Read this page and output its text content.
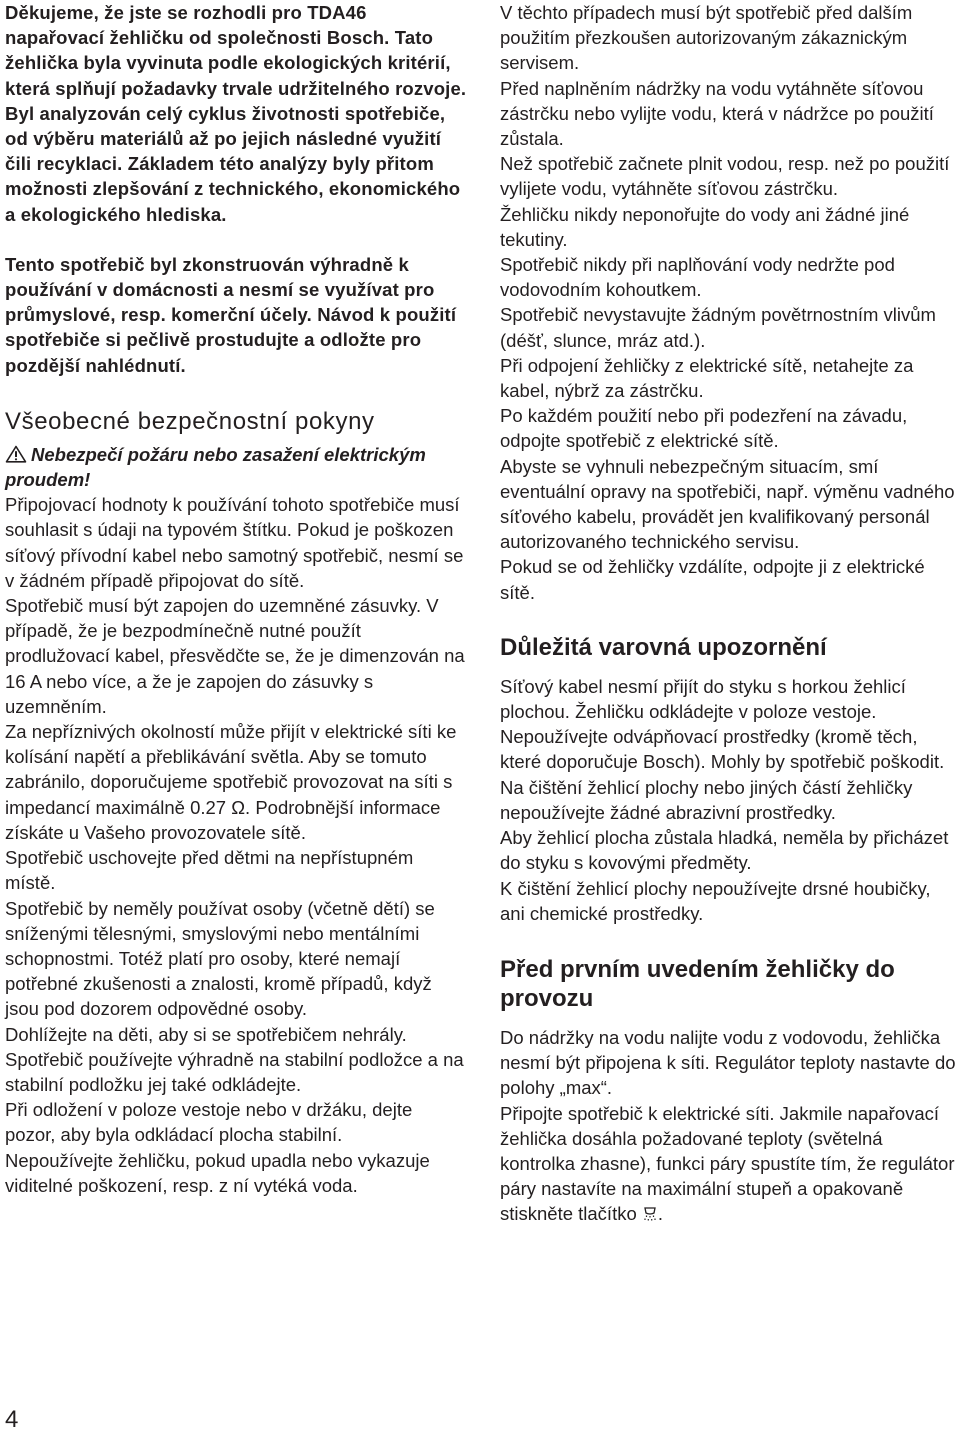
Děkujeme, že jste se rozhodli pro TDA46 napařovací žehličku od společnosti Bosch. Tato žehlička byla vyvinuta podle ekologických kritérií, která splňují požadavky trvale udržitelného rozvoje. Byl analyzován celý cyklus životnosti spotřebiče, od výběru materiálů až po jejich následné využití čili recyklaci. Základem této analýzy byly přitom možnosti zlepšování z technického, ekonomického a ekologického hlediska.

Tento spotřebič byl zkonstruován výhradně k používání v domácnosti a nesmí se využívat pro průmyslové, resp. komerční účely. Návod k použití spotřebiče si pečlivě prostudujte a odložte pro pozdější nahlédnutí.

Všeobecné bezpečnostní pokyny
Nebezpečí požáru nebo zasažení elektrickým proudem!

Připojovací hodnoty k používání tohoto spotřebiče musí souhlasit s údaji na typovém štítku. Pokud je poškozen síťový přívodní kabel nebo samotný spotřebič, nesmí se v žádném případě připojovat do sítě.

Spotřebič musí být zapojen do uzemněné zásuvky. V případě, že je bezpodmínečně nutné použít prodlužovací kabel, přesvědčte se, že je dimenzován na 16 A nebo více, a že je zapojen do zásuvky s uzemněním.

Za nepříznivých okolností může přijít v elektrické síti ke kolísání napětí a přeblikávání světla. Aby se tomuto zabránilo, doporučujeme spotřebič provozovat na síti s impedancí maximálně 0.27 Ω. Podrobnější informace získáte u Vašeho provozovatele sítě.

Spotřebič uschovejte před dětmi na nepřístupném místě.

Spotřebič by neměly používat osoby (včetně dětí) se sníženými tělesnými, smyslovými nebo mentálními schopnostmi. Totéž platí pro osoby, které nemají potřebné zkušenosti a znalosti, kromě případů, když jsou pod dozorem odpovědné osoby.

Dohlížejte na děti, aby si se spotřebičem nehrály.

Spotřebič používejte výhradně na stabilní podložce a na stabilní podložku jej také odkládejte.

Při odložení v poloze vestoje nebo v držáku, dejte pozor, aby byla odkládací plocha stabilní.

Nepoužívejte žehličku, pokud upadla nebo vykazuje viditelné poškození, resp. z ní vytéká voda.

V těchto případech musí být spotřebič před dalším použitím přezkoušen autorizovaným zákaznickým servisem.

Před naplněním nádržky na vodu vytáhněte síťovou zástrčku nebo vylijte vodu, která v nádržce po použití zůstala.

Než spotřebič začnete plnit vodou, resp. než po použití vylijete vodu, vytáhněte síťovou zástrčku.

Žehličku nikdy neponořujte do vody ani žádné jiné tekutiny.

Spotřebič nikdy při naplňování vody nedržte pod vodovodním kohoutkem.

Spotřebič nevystavujte žádným povětrnostním vlivům (déšť, slunce, mráz atd.).

Při odpojení žehličky z elektrické sítě, netahejte za kabel, nýbrž za zástrčku.

Po každém použití nebo při podezření na závadu, odpojte spotřebič z elektrické sítě.

Abyste se vyhnuli nebezpečným situacím, smí eventuální opravy na spotřebiči, např. výměnu vadného síťového kabelu, provádět jen kvalifikovaný personál autorizovaného technického servisu.

Pokud se od žehličky vzdálíte, odpojte ji z elektrické sítě.

Důležitá varovná upozornění

Síťový kabel nesmí přijít do styku s horkou žehlicí plochou. Žehličku odkládejte v poloze vestoje.

Nepoužívejte odvápňovací prostředky (kromě těch, které doporučuje Bosch). Mohly by spotřebič poškodit.

Na čištění žehlicí plochy nebo jiných částí žehličky nepoužívejte žádné abrazivní prostředky.

Aby žehlicí plocha zůstala hladká, neměla by přicházet do styku s kovovými předměty.

K čištění žehlicí plochy nepoužívejte drsné houbičky, ani chemické prostředky.

Před prvním uvedením žehličky do provozu

Do nádržky na vodu nalijte vodu z vodovodu, žehlička nesmí být připojena k síti. Regulátor teploty nastavte do polohy „max“.

Připojte spotřebič k elektrické síti. Jakmile napařovací žehlička dosáhla požadované teploty (světelná kontrolka zhasne), funkci páry spustíte tím, že regulátor páry nastavíte na maximální stupeň a opakovaně stiskněte tlačítko .

4
